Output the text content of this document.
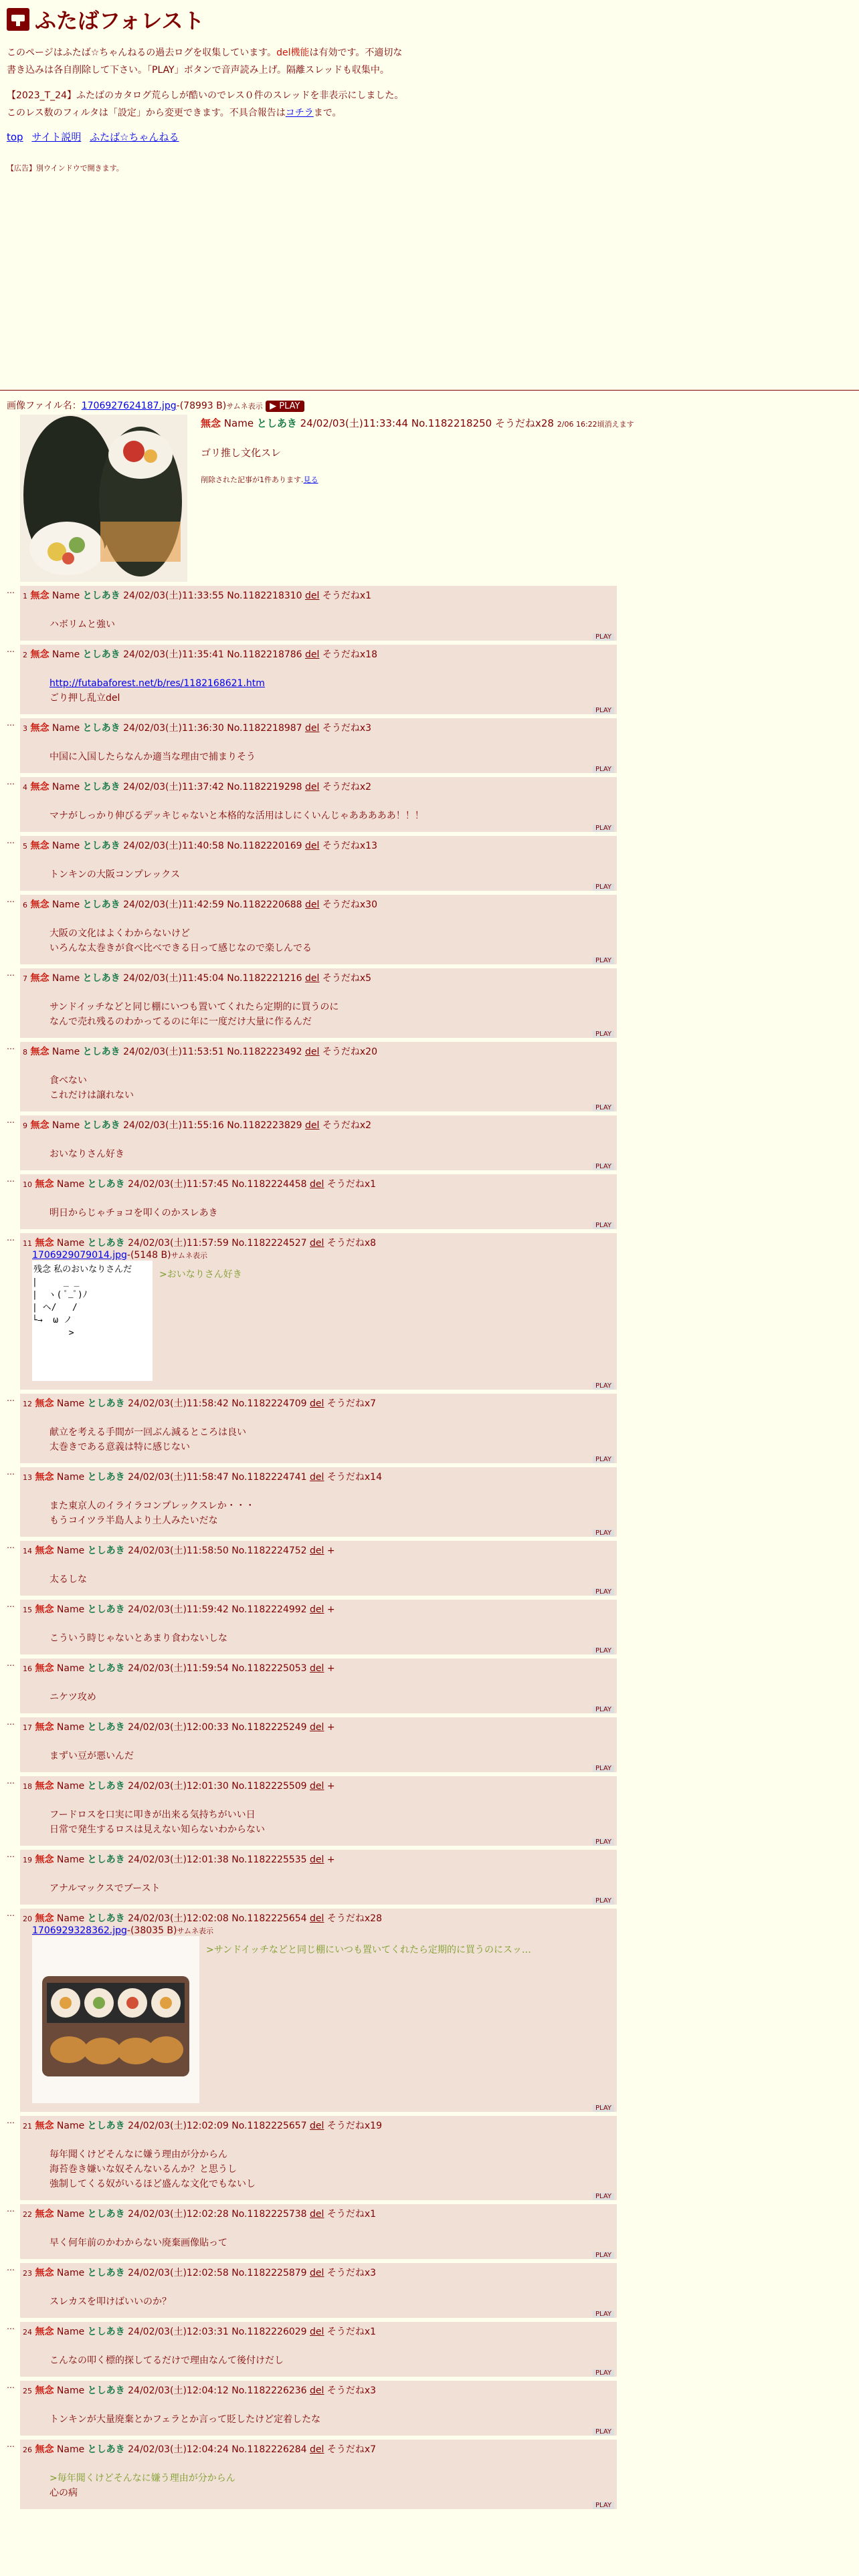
ふたばフォレスト

このページはふたば☆ちゃんねるの過去ログを収集しています。del機能は有効です。不適切な書き込みは各自削除して下さい。「PLAY」ボタンで音声読み上げ。隔離スレッドも収集中。

【2023_T_24】ふたばのカタログ荒らしが酷いのでレス０件のスレッドを非表示にしました。このレス数のフィルタは「設定」から変更できます。不具合報告はコチラまで。

top サイト説明 ふたば☆ちゃんねる
【広告】別ウインドウで開きます。
画像ファイル名：1706927624187.jpg-(78993 B)サムネ表示 ▶ PLAY
無念 Name としあき 24/02/03(土)11:33:44 No.1182218250 そうだねx28 2/06 16:22頃消えます
ゴリ推し文化スレ
削除された記事が1件あります.見る
…
1 無念 Name としあき 24/02/03(土)11:33:55 No.1182218310 del そうだねx1
ハボリムと強い
PLAY
…
2 無念 Name としあき 24/02/03(土)11:35:41 No.1182218786 del そうだねx18
http://futabaforest.net/b/res/1182168621.htm
ごり押し乱立del
PLAY
…
3 無念 Name としあき 24/02/03(土)11:36:30 No.1182218987 del そうだねx3
中国に入国したらなんか適当な理由で捕まりそう
PLAY
…
4 無念 Name としあき 24/02/03(土)11:37:42 No.1182219298 del そうだねx2
マナがしっかり伸びるデッキじゃないと本格的な活用はしにくいんじゃあああああ！！！
PLAY
…
5 無念 Name としあき 24/02/03(土)11:40:58 No.1182220169 del そうだねx13
トンキンの大阪コンプレックス
PLAY
…
6 無念 Name としあき 24/02/03(土)11:42:59 No.1182220688 del そうだねx30
大阪の文化はよくわからないけど
いろんな太巻きが食べ比べできる日って感じなので楽しんでる
PLAY
…
7 無念 Name としあき 24/02/03(土)11:45:04 No.1182221216 del そうだねx5
サンドイッチなどと同じ棚にいつも置いてくれたら定期的に買うのに
なんで売れ残るのわかってるのに年に一度だけ大量に作るんだ
PLAY
…
8 無念 Name としあき 24/02/03(土)11:53:51 No.1182223492 del そうだねx20
食べない
これだけは譲れない
PLAY
…
9 無念 Name としあき 24/02/03(土)11:55:16 No.1182223829 del そうだねx2
おいなりさん好き
PLAY
…
10 無念 Name としあき 24/02/03(土)11:57:45 No.1182224458 del そうだねx1
明日からじゃチョコを叩くのかスレあき
PLAY
…
11 無念 Name としあき 24/02/03(土)11:57:59 No.1182224527 del そうだねx8
1706929079014.jpg-(5148 B)サムネ表示
残念 私のおいなりさんだ
|     _ _
|  ヽ( ﾟ_ﾟ)ﾉ
| ヘ/   /
└→  ω ノ
>
>おいなりさん好き
PLAY
…
12 無念 Name としあき 24/02/03(土)11:58:42 No.1182224709 del そうだねx7
献立を考える手間が一回ぶん減るところは良い
太巻きである意義は特に感じない
PLAY
…
13 無念 Name としあき 24/02/03(土)11:58:47 No.1182224741 del そうだねx14
また東京人のイライラコンプレックスレか・・・
もうコイツラ半島人より土人みたいだな
PLAY
…
14 無念 Name としあき 24/02/03(土)11:58:50 No.1182224752 del +
太るしな
PLAY
…
15 無念 Name としあき 24/02/03(土)11:59:42 No.1182224992 del +
こういう時じゃないとあまり食わないしな
PLAY
…
16 無念 Name としあき 24/02/03(土)11:59:54 No.1182225053 del +
ニケツ攻め
PLAY
…
17 無念 Name としあき 24/02/03(土)12:00:33 No.1182225249 del +
まずい豆が悪いんだ
PLAY
…
18 無念 Name としあき 24/02/03(土)12:01:30 No.1182225509 del +
フードロスを口実に叩きが出来る気持ちがいい日
日常で発生するロスは見えない知らないわからない
PLAY
…
19 無念 Name としあき 24/02/03(土)12:01:38 No.1182225535 del +
アナルマックスでブースト
PLAY
…
20 無念 Name としあき 24/02/03(土)12:02:08 No.1182225654 del そうだねx28
1706929328362.jpg-(38035 B)サムネ表示
>サンドイッチなどと同じ棚にいつも置いてくれたら定期的に買うのにスッ…
PLAY
…
21 無念 Name としあき 24/02/03(土)12:02:09 No.1182225657 del そうだねx19
毎年聞くけどそんなに嫌う理由が分からん
海苔巻き嫌いな奴そんないるんか？と思うし
強制してくる奴がいるほど盛んな文化でもないし
PLAY
…
22 無念 Name としあき 24/02/03(土)12:02:28 No.1182225738 del そうだねx1
早く何年前のかわからない廃棄画像貼って
PLAY
…
23 無念 Name としあき 24/02/03(土)12:02:58 No.1182225879 del そうだねx3
スレカスを叩けばいいのか？
PLAY
…
24 無念 Name としあき 24/02/03(土)12:03:31 No.1182226029 del そうだねx1
こんなの叩く標的探してるだけで理由なんて後付けだし
PLAY
…
25 無念 Name としあき 24/02/03(土)12:04:12 No.1182226236 del そうだねx3
トンキンが大量廃棄とかフェラとか言って貶したけど定着したな
PLAY
…
26 無念 Name としあき 24/02/03(土)12:04:24 No.1182226284 del そうだねx7
>毎年聞くけどそんなに嫌う理由が分からん
心の病
PLAY
